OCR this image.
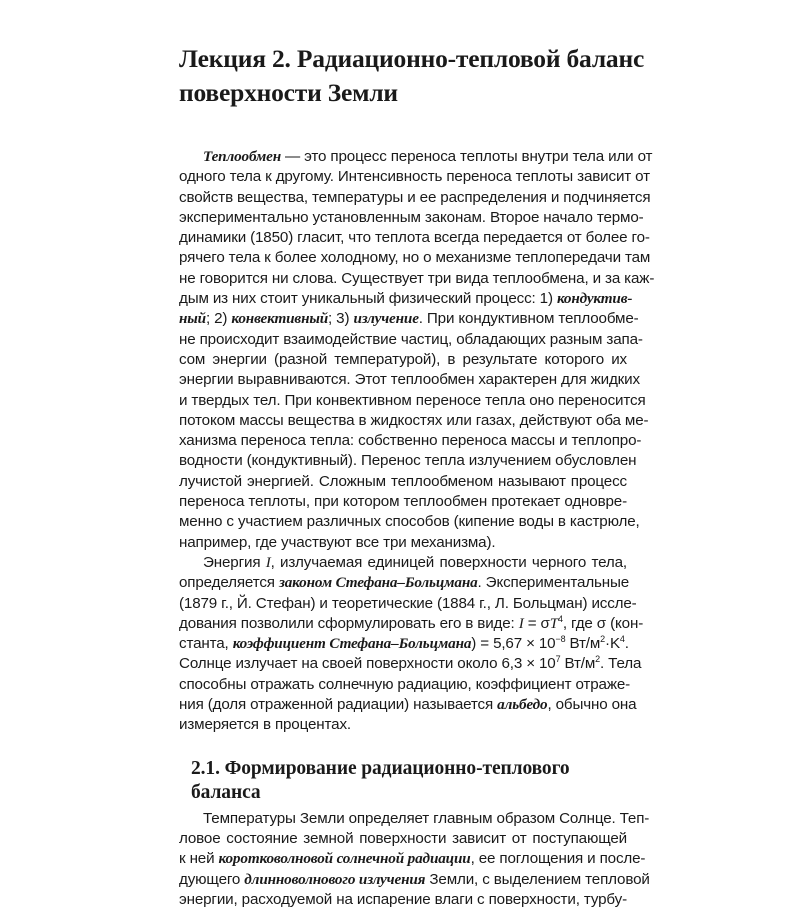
Лекция 2. Радиационно-тепловой баланс
поверхности Земли
Теплообмен — это процесс переноса теплоты внутри тела или от
одного тела к другому. Интенсивность переноса теплоты зависит от
свойств вещества, температуры и ее распределения и подчиняется
экспериментально установленным законам. Второе начало термо-
динамики (1850) гласит, что теплота всегда передается от более го-
рячего тела к более холодному, но о механизме теплопередачи там
не говорится ни слова. Существует три вида теплообмена, и за каж-
дым из них стоит уникальный физический процесс: 1) кондуктив-
ный; 2) конвективный; 3) излучение. При кондуктивном теплообме-
не происходит взаимодействие частиц, обладающих разным запа-
сом энергии (разной температурой), в результате которого их
энергии выравниваются. Этот теплообмен характерен для жидких
и твердых тел. При конвективном переносе тепла оно переносится
потоком массы вещества в жидкостях или газах, действуют оба ме-
ханизма переноса тепла: собственно переноса массы и теплопро-
водности (кондуктивный). Перенос тепла излучением обусловлен
лучистой энергией. Сложным теплообменом называют процесс
переноса теплоты, при котором теплообмен протекает одновре-
менно с участием различных способов (кипение воды в кастрюле,
например, где участвуют все три механизма).
Энергия I, излучаемая единицей поверхности черного тела,
определяется законом Стефана–Больцмана. Экспериментальные
(1879 г., Й. Стефан) и теоретические (1884 г., Л. Больцман) иссле-
дования позволили сформулировать его в виде: $I = \sigma T^4$, где σ (кон-
станта, коэффициент Стефана–Больцмана) = $5,67 \times 10^{-8}$ $Вт/м^2\cdot K^4$.
Солнце излучает на своей поверхности около $6,3 \times 10^7$ $Вт/м^2$. Тела
способны отражать солнечную радиацию, коэффициент отраже-
ния (доля отраженной радиации) называется альбедо, обычно она
измеряется в процентах.
2.1. Формирование радиационно-теплового баланса
Температуры Земли определяет главным образом Солнце. Теп-
ловое состояние земной поверхности зависит от поступающей
к ней коротковолновой солнечной радиации, ее поглощения и после-
дующего длинноволнового излучения Земли, с выделением тепловой
энергии, расходуемой на испарение влаги с поверхности, турбу-
